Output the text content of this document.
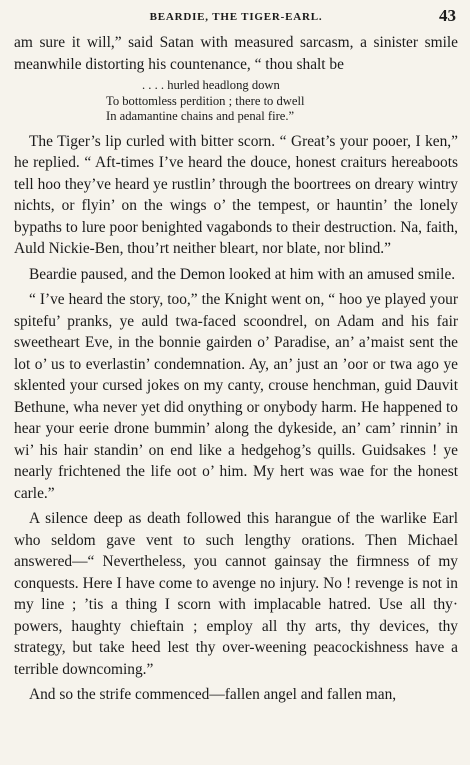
BEARDIE, THE TIGER-EARL.	43

am sure it will,” said Satan with measured sarcasm, a sinister smile meanwhile distorting his countenance, “ thou shalt be

. . . . hurled headlong down
To bottomless perdition ; there to dwell
In adamantine chains and penal fire.”

The Tiger’s lip curled with bitter scorn. “ Great’s your pooer, I ken,” he replied. “ Aft-times I’ve heard the douce, honest craiturs hereaboots tell hoo they’ve heard ye rustlin’ through the boortrees on dreary wintry nichts, or flyin’ on the wings o’ the tempest, or hauntin’ the lonely bypaths to lure poor benighted vagabonds to their destruction. Na, faith, Auld Nickie-Ben, thou’rt neither bleart, nor blate, nor blind.”

Beardie paused, and the Demon looked at him with an amused smile.

“ I’ve heard the story, too,” the Knight went on, “ hoo ye played your spitefu’ pranks, ye auld twa-faced scoondrel, on Adam and his fair sweetheart Eve, in the bonnie gairden o’ Paradise, an’ a’maist sent the lot o’ us to everlastin’ condemnation. Ay, an’ just an ’oor or twa ago ye sklented your cursed jokes on my canty, crouse henchman, guid Dauvit Bethune, wha never yet did onything or onybody harm. He happened to hear your eerie drone bummin’ along the dykeside, an’ cam’ rinnin’ in wi’ his hair standin’ on end like a hedgehog’s quills. Guidsakes ! ye nearly frichtened the life oot o’ him. My hert was wae for the honest carle.”

A silence deep as death followed this harangue of the warlike Earl who seldom gave vent to such lengthy orations. Then Michael answered—“ Nevertheless, you cannot gainsay the firmness of my conquests. Here I have come to avenge no injury. No ! revenge is not in my line ; ’tis a thing I scorn with implacable hatred. Use all thy· powers, haughty chieftain ; employ all thy arts, thy devices, thy strategy, but take heed lest thy over-weening peacockishness have a terrible downcoming.”

And so the strife commenced—fallen angel and fallen man,
